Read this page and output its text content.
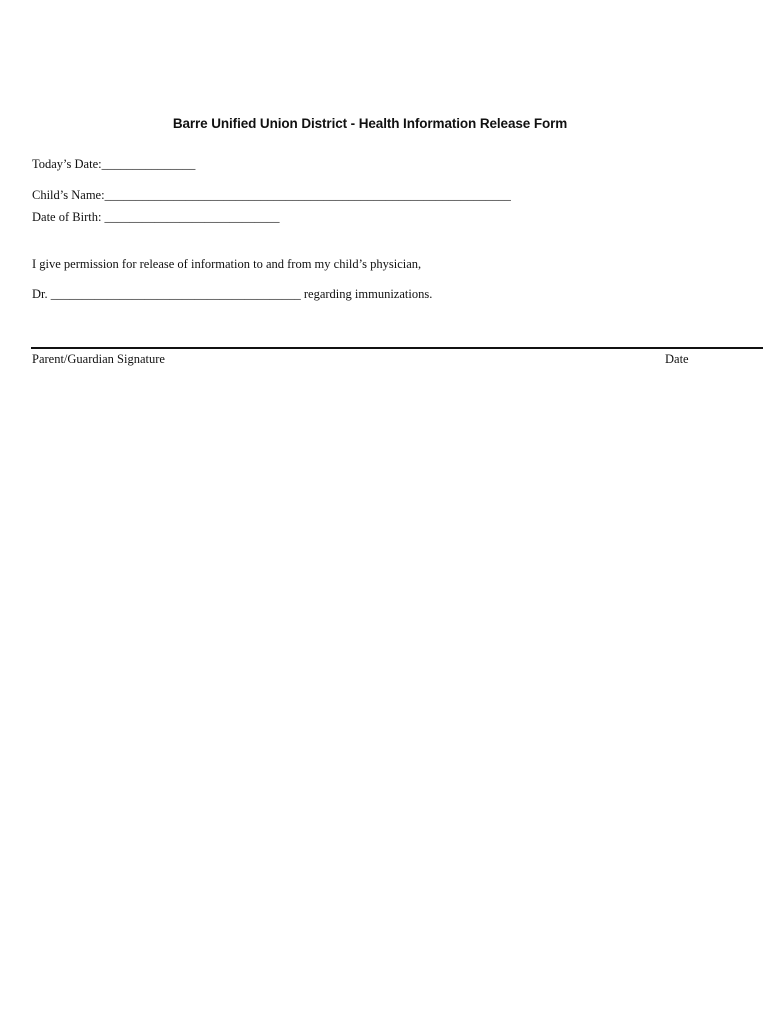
Barre Unified Union District - Health Information Release Form
Today’s Date:_______________
Child’s Name:_________________________________________________________________
Date of Birth: ____________________________
I give permission for release of information to and from my child’s physician,
Dr. ________________________________________ regarding immunizations.
Parent/Guardian Signature	Date
